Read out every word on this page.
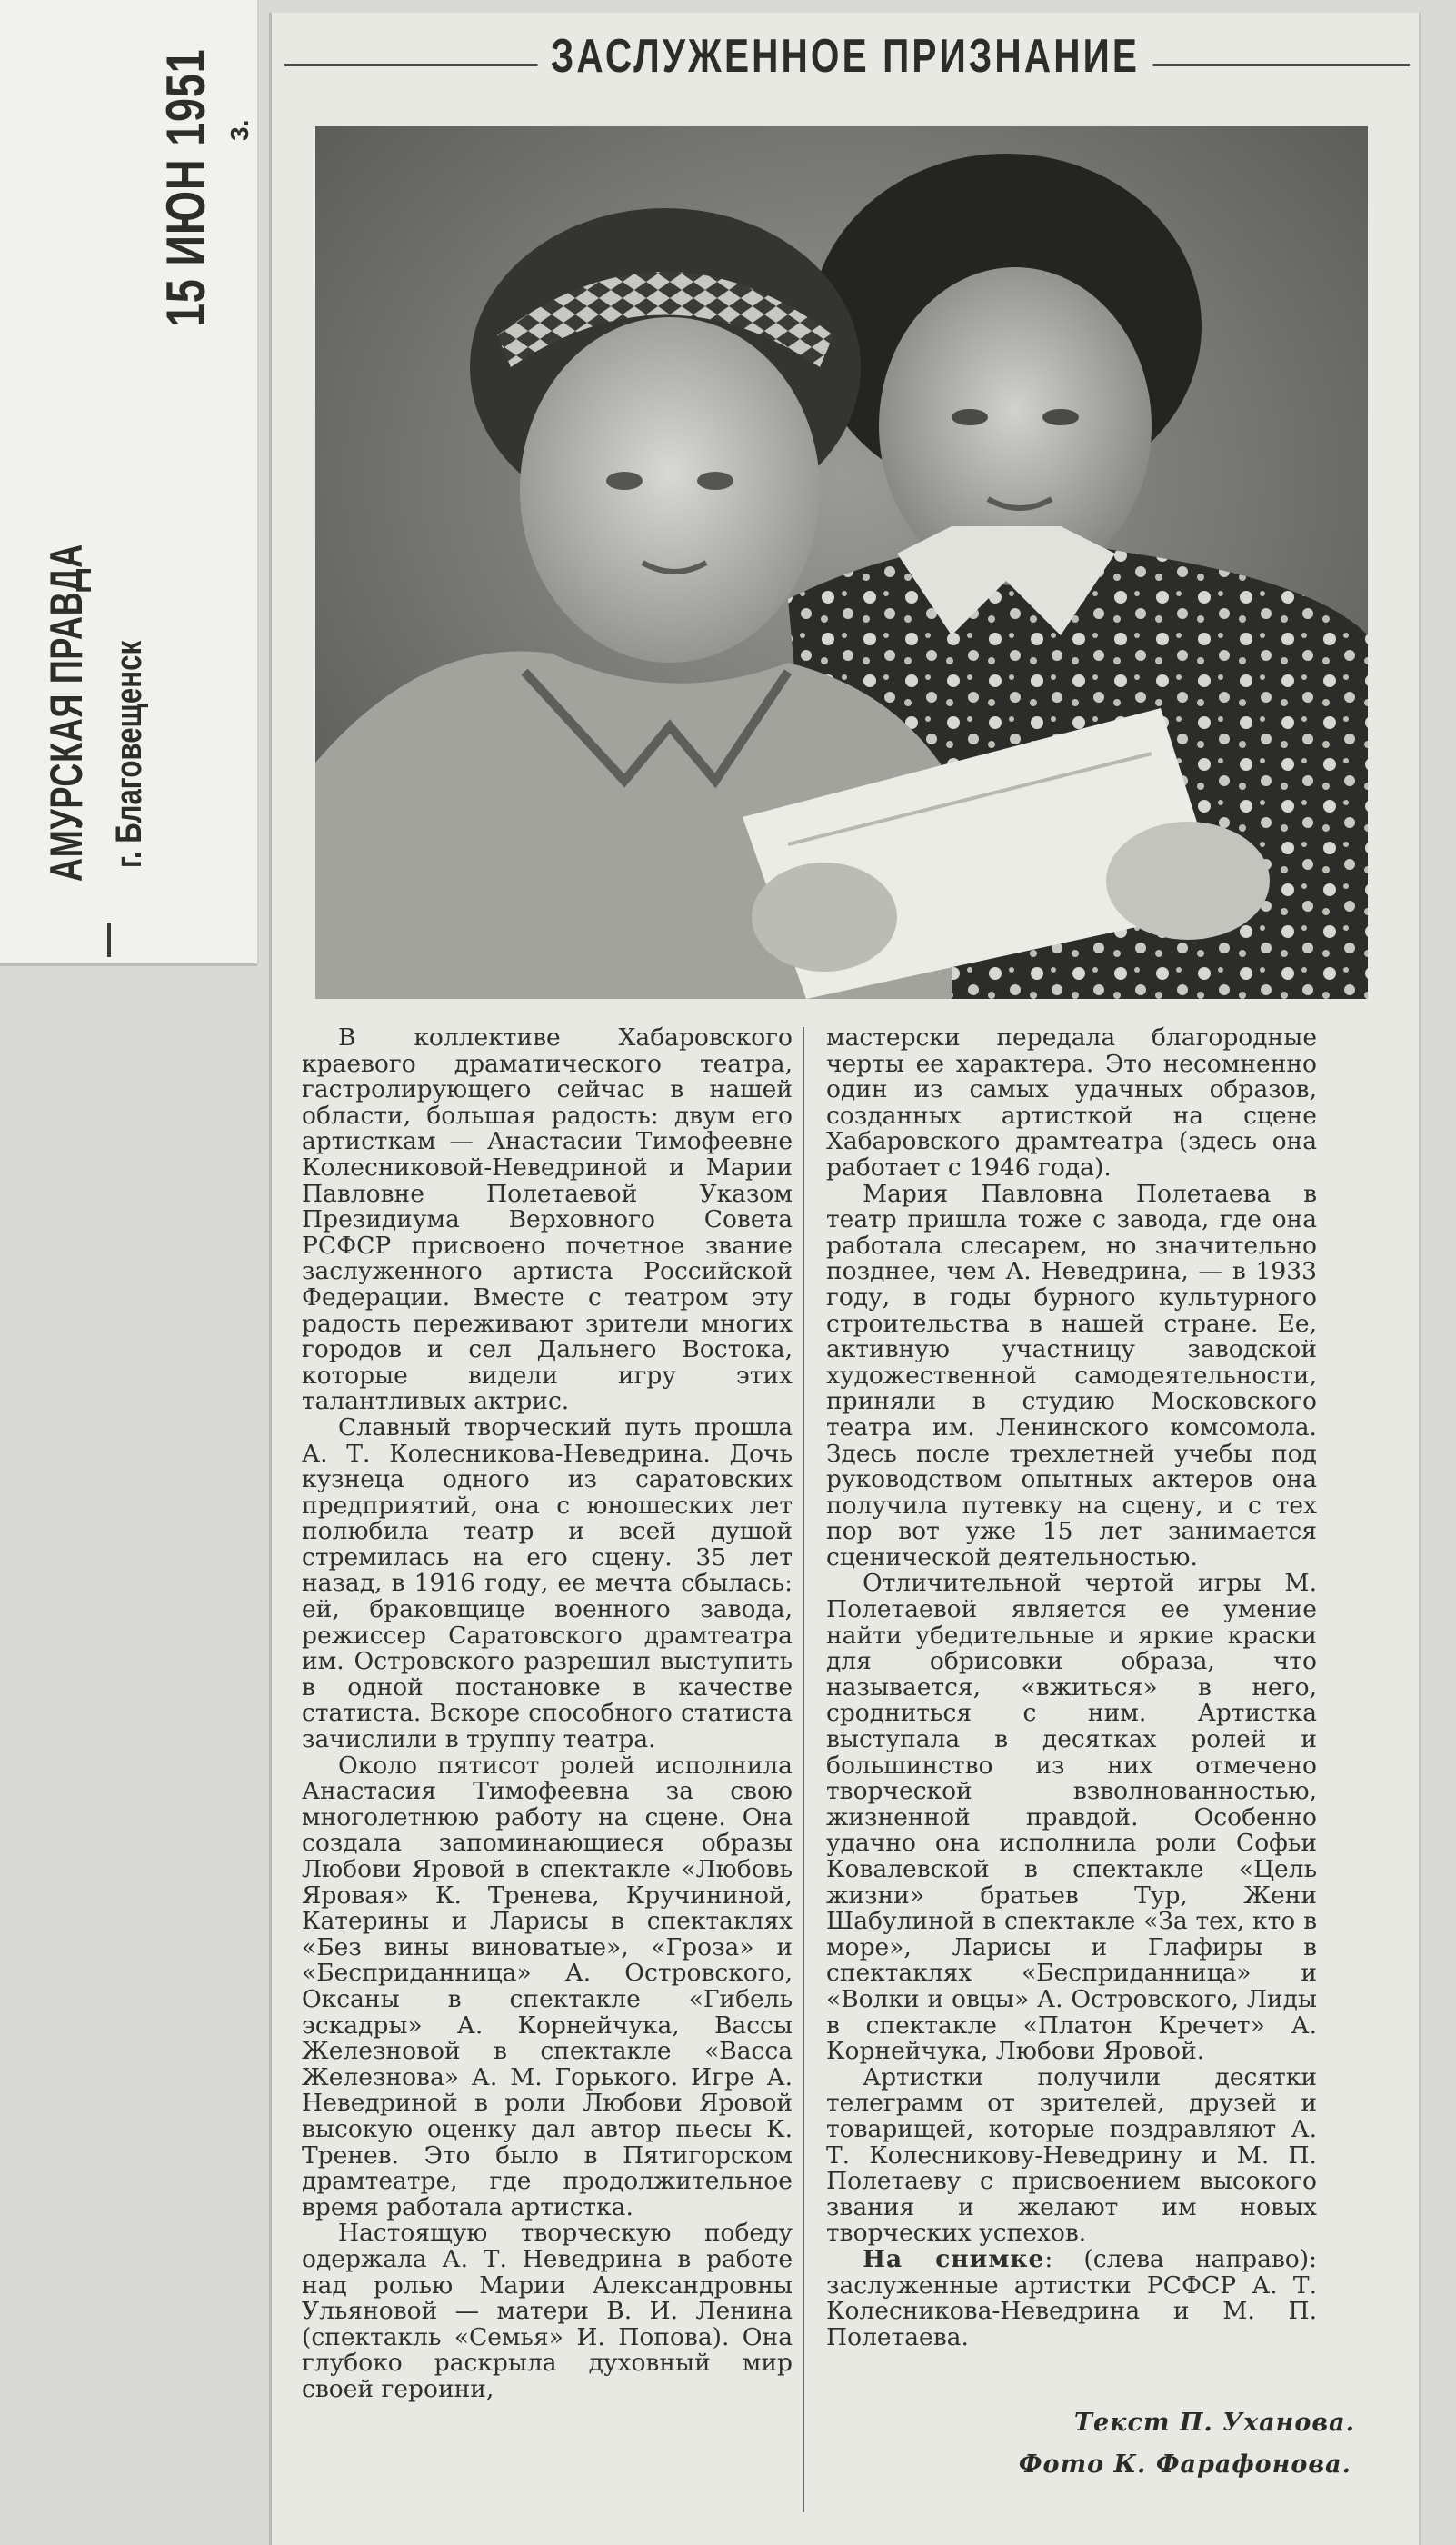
АМУРСКАЯ ПРАВДА г. Благовещенск
15 ИЮН 1951 3.
ЗАСЛУЖЕННОЕ ПРИЗНАНИЕ

В коллективе Хабаровского краевого драматического театра, гастролирующего сейчас в нашей области, большая радость: двум его артисткам — Анастасии Тимофеевне Колесниковой-Неведриной и Марии Павловне Полетаевой Указом Президиума Верховного Совета РСФСР присвоено почетное звание заслуженного артиста Российской Федерации. Вместе с театром эту радость переживают зрители многих городов и сел Дальнего Востока, которые видели игру этих талантливых актрис.

Славный творческий путь прошла А. Т. Колесникова-Неведрина. Дочь кузнеца одного из саратовских предприятий, она с юношеских лет полюбила театр и всей душой стремилась на его сцену. 35 лет назад, в 1916 году, ее мечта сбылась: ей, браковщице военного завода, режиссер Саратовского драмтеатра им. Островского разрешил выступить в одной постановке в качестве статиста. Вскоре способного статиста зачислили в труппу театра.

Около пятисот ролей исполнила Анастасия Тимофеевна за свою многолетнюю работу на сцене. Она создала запоминающиеся образы Любови Яровой в спектакле «Любовь Яровая» К. Тренева, Кручининой, Катерины и Ларисы в спектаклях «Без вины виноватые», «Гроза» и «Бесприданница» А. Островского, Оксаны в спектакле «Гибель эскадры» А. Корнейчука, Вассы Железновой в спектакле «Васса Железнова» А. М. Горького. Игре А. Неведриной в роли Любови Яровой высокую оценку дал автор пьесы К. Тренев. Это было в Пятигорском драмтеатре, где продолжительное время работала артистка.

Настоящую творческую победу одержала А. Т. Неведрина в работе над ролью Марии Александровны Ульяновой — матери В. И. Ленина (спектакль «Семья» И. Попова). Она глубоко раскрыла духовный мир своей героини,

мастерски передала благородные черты ее характера. Это несомненно один из самых удачных образов, созданных артисткой на сцене Хабаровского драмтеатра (здесь она работает с 1946 года).

Мария Павловна Полетаева в театр пришла тоже с завода, где она работала слесарем, но значительно позднее, чем А. Неведрина, — в 1933 году, в годы бурного культурного строительства в нашей стране. Ее, активную участницу заводской художественной самодеятельности, приняли в студию Московского театра им. Ленинского комсомола. Здесь после трехлетней учебы под руководством опытных актеров она получила путевку на сцену, и с тех пор вот уже 15 лет занимается сценической деятельностью.

Отличительной чертой игры М. Полетаевой является ее умение найти убедительные и яркие краски для обрисовки образа, что называется, «вжиться» в него, сродниться с ним. Артистка выступала в десятках ролей и большинство из них отмечено творческой взволнованностью, жизненной правдой. Особенно удачно она исполнила роли Софьи Ковалевской в спектакле «Цель жизни» братьев Тур, Жени Шабулиной в спектакле «За тех, кто в море», Ларисы и Глафиры в спектаклях «Бесприданница» и «Волки и овцы» А. Островского, Лиды в спектакле «Платон Кречет» А. Корнейчука, Любови Яровой.

Артистки получили десятки телеграмм от зрителей, друзей и товарищей, которые поздравляют А. Т. Колесникову-Неведрину и М. П. Полетаеву с присвоением высокого звания и желают им новых творческих успехов.

На снимке: (слева направо): заслуженные артистки РСФСР А. Т. Колесникова-Неведрина и М. П. Полетаева.

Текст П. Уханова.
Фото К. Фарафонова.
